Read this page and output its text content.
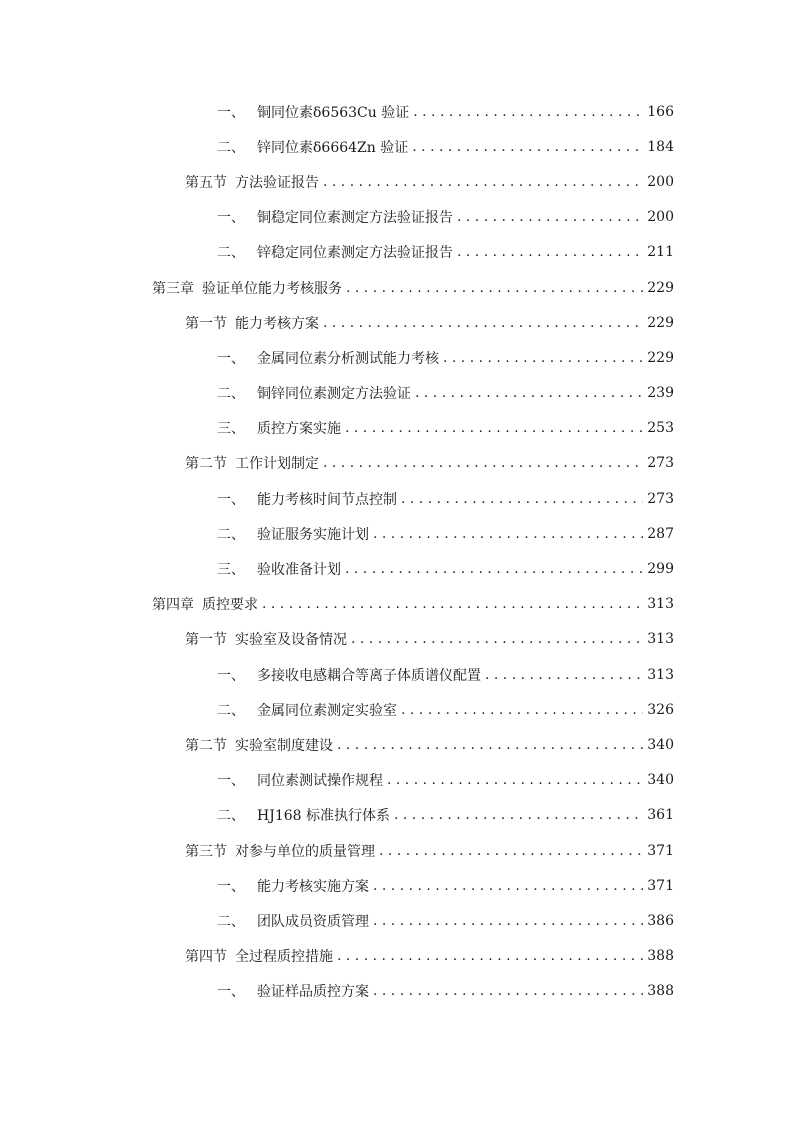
一、 铜同位素δ6563Cu 验证 . . .	166
二、 锌同位素δ6664Zn 验证 . . .	184
第五节 方法验证报告 . . .	200
一、 铜稳定同位素测定方法验证报告 . . .	200
二、 锌稳定同位素测定方法验证报告 . . .	211
第三章 验证单位能力考核服务 . . .	229
第一节 能力考核方案 . . .	229
一、 金属同位素分析测试能力考核 . . .	229
二、 铜锌同位素测定方法验证 . . .	239
三、 质控方案实施 . . .	253
第二节 工作计划制定 . . .	273
一、 能力考核时间节点控制 . . .	273
二、 验证服务实施计划 . . .	287
三、 验收准备计划 . . .	299
第四章 质控要求 . . .	313
第一节 实验室及设备情况 . . .	313
一、 多接收电感耦合等离子体质谱仪配置 . . .	313
二、 金属同位素测定实验室 . . .	326
第二节 实验室制度建设 . . .	340
一、 同位素测试操作规程 . . .	340
二、 HJ168 标准执行体系 . . .	361
第三节 对参与单位的质量管理 . . .	371
一、 能力考核实施方案 . . .	371
二、 团队成员资质管理 . . .	386
第四节 全过程质控措施 . . .	388
一、 验证样品质控方案 . . .	388
